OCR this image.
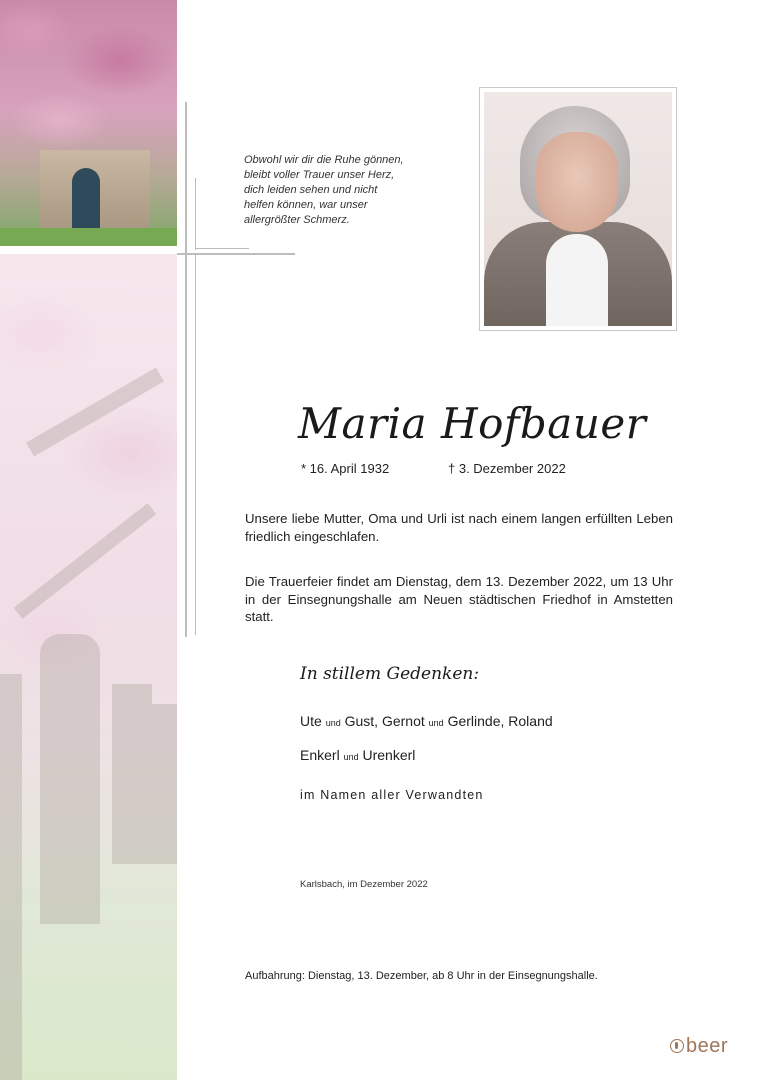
Obwohl wir dir die Ruhe gönnen,
bleibt voller Trauer unser Herz,
dich leiden sehen und nicht
helfen können, war unser
allergrößter Schmerz.
Maria Hofbauer
* 16. April 1932	† 3. Dezember 2022
Unsere liebe Mutter, Oma und Urli ist nach einem langen erfüllten Leben friedlich eingeschlafen.
Die Trauerfeier findet am Dienstag, dem 13. Dezember 2022, um 13 Uhr in der Einsegnungshalle am Neuen städtischen Friedhof in Amstetten statt.
In stillem Gedenken:
Ute und Gust, Gernot und Gerlinde, Roland
Enkerl und Urenkerl
im Namen aller Verwandten
Karlsbach, im Dezember 2022
Aufbahrung: Dienstag, 13. Dezember, ab 8 Uhr in der Einsegnungshalle.
beer
